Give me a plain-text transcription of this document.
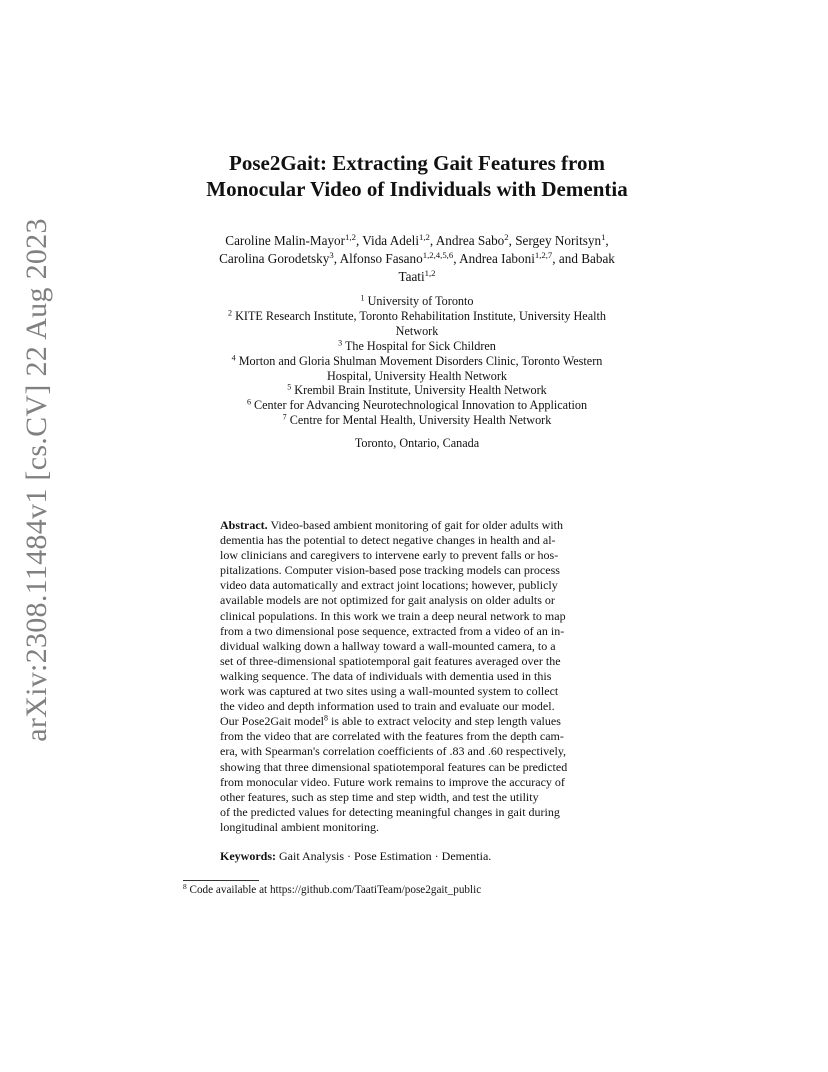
arXiv:2308.11484v1 [cs.CV] 22 Aug 2023
Pose2Gait: Extracting Gait Features from
Monocular Video of Individuals with Dementia
Caroline Malin-Mayor$^{1,2}$, Vida Adeli$^{1,2}$, Andrea Sabo$^2$, Sergey Noritsyn$^1$,
Carolina Gorodetsky$^3$, Alfonso Fasano$^{1,2,4,5,6}$, Andrea Iaboni$^{1,2,7}$, and Babak
Taati$^{1,2}$
$^1$ University of Toronto
$^2$ KITE Research Institute, Toronto Rehabilitation Institute, University Health
Network
$^3$ The Hospital for Sick Children
$^4$ Morton and Gloria Shulman Movement Disorders Clinic, Toronto Western
Hospital, University Health Network
$^5$ Krembil Brain Institute, University Health Network
$^6$ Center for Advancing Neurotechnological Innovation to Application
$^7$ Centre for Mental Health, University Health Network
Toronto, Ontario, Canada
Abstract. Video-based ambient monitoring of gait for older adults with
dementia has the potential to detect negative changes in health and al-
low clinicians and caregivers to intervene early to prevent falls or hos-
pitalizations. Computer vision-based pose tracking models can process
video data automatically and extract joint locations; however, publicly
available models are not optimized for gait analysis on older adults or
clinical populations. In this work we train a deep neural network to map
from a two dimensional pose sequence, extracted from a video of an in-
dividual walking down a hallway toward a wall-mounted camera, to a
set of three-dimensional spatiotemporal gait features averaged over the
walking sequence. The data of individuals with dementia used in this
work was captured at two sites using a wall-mounted system to collect
the video and depth information used to train and evaluate our model.
Our Pose2Gait model$^8$ is able to extract velocity and step length values
from the video that are correlated with the features from the depth cam-
era, with Spearman's correlation coefficients of .83 and .60 respectively,
showing that three dimensional spatiotemporal features can be predicted
from monocular video. Future work remains to improve the accuracy of
other features, such as step time and step width, and test the utility
of the predicted values for detecting meaningful changes in gait during
longitudinal ambient monitoring.
Keywords: Gait Analysis · Pose Estimation · Dementia.
$^8$ Code available at https://github.com/TaatiTeam/pose2gait_public
